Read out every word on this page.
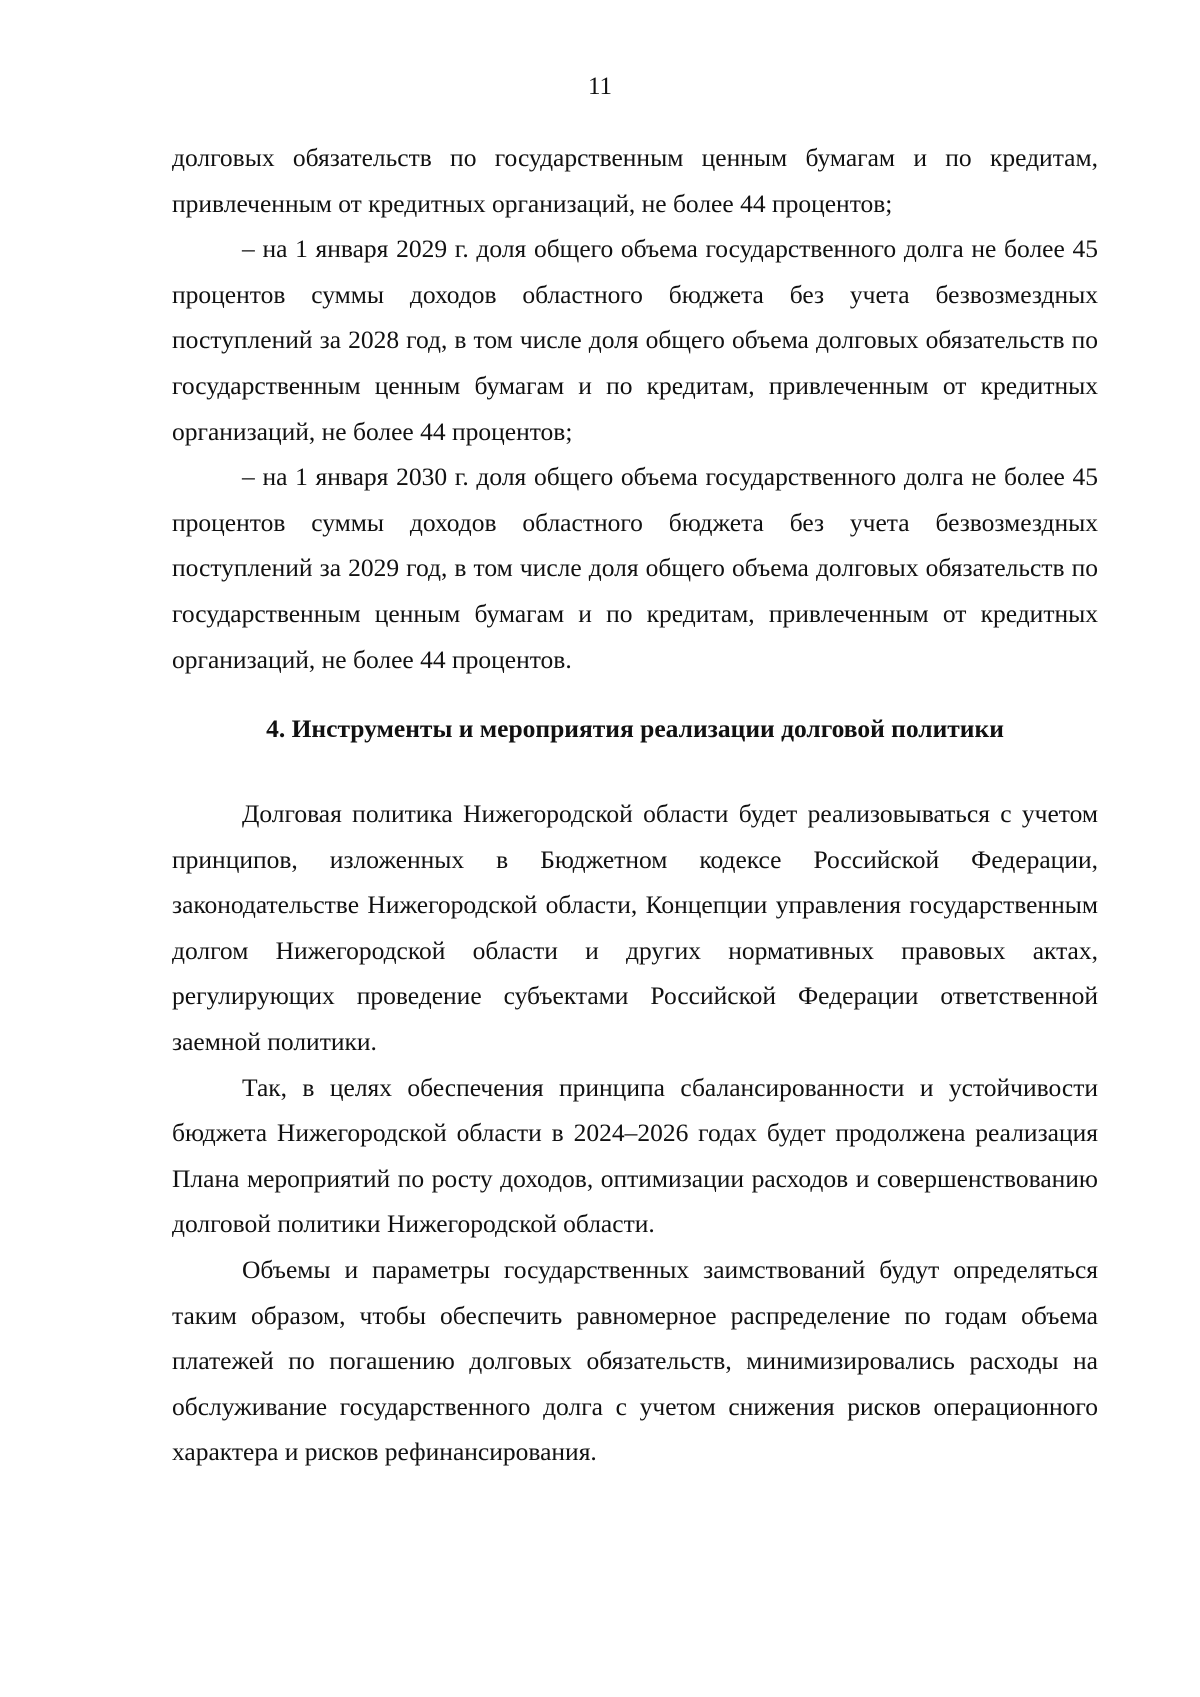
11

долговых обязательств по государственным ценным бумагам и по кредитам, привлеченным от кредитных организаций, не более 44 процентов;

– на 1 января 2029 г. доля общего объема государственного долга не более 45 процентов суммы доходов областного бюджета без учета безвозмездных поступлений за 2028 год, в том числе доля общего объема долговых обязательств по государственным ценным бумагам и по кредитам, привлеченным от кредитных организаций, не более 44 процентов;

– на 1 января 2030 г. доля общего объема государственного долга не более 45 процентов суммы доходов областного бюджета без учета безвозмездных поступлений за 2029 год, в том числе доля общего объема долговых обязательств по государственным ценным бумагам и по кредитам, привлеченным от кредитных организаций, не более 44 процентов.

4. Инструменты и мероприятия реализации долговой политики

Долговая политика Нижегородской области будет реализовываться с учетом принципов, изложенных в Бюджетном кодексе Российской Федерации, законодательстве Нижегородской области, Концепции управления государственным долгом Нижегородской области и других нормативных правовых актах, регулирующих проведение субъектами Российской Федерации ответственной заемной политики.

Так, в целях обеспечения принципа сбалансированности и устойчивости бюджета Нижегородской области в 2024–2026 годах будет продолжена реализация Плана мероприятий по росту доходов, оптимизации расходов и совершенствованию долговой политики Нижегородской области.

Объемы и параметры государственных заимствований будут определяться таким образом, чтобы обеспечить равномерное распределение по годам объема платежей по погашению долговых обязательств, минимизировались расходы на обслуживание государственного долга с учетом снижения рисков операционного характера и рисков рефинансирования.
